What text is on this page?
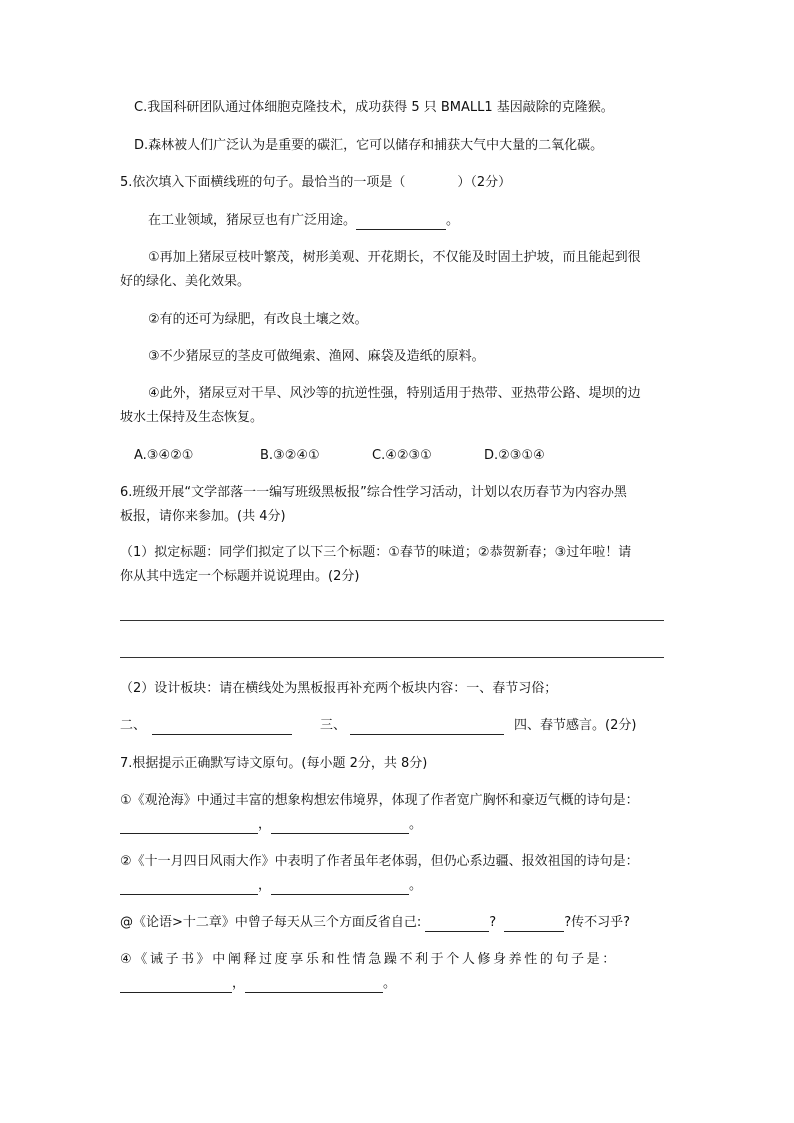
C.我国科研团队通过体细胞克隆技术，成功获得 5 只 BMALL1 基因敲除的克隆猴。
D.森林被人们广泛认为是重要的碳汇，它可以储存和捕获大气中大量的二氧化碳。
5.依次填入下面横线班的句子。最恰当的一项是（	）（2分）
在工业领域，猪尿豆也有广泛用途。	。
①再加上猪尿豆枝叶繁茂，树形美观、开花期长，不仅能及时固土护坡，而且能起到很
好的绿化、美化效果。
②有的还可为绿肥，有改良土壤之效。
③不少猪尿豆的茎皮可做绳索、渔网、麻袋及造纸的原料。
④此外，猪尿豆对干旱、风沙等的抗逆性强，特别适用于热带、亚热带公路、堤坝的边
坡水土保持及生态恢复。
A.③④②①	B.③②④①	C.④②③①	D.②③①④
6.班级开展“文学部落一一编写班级黑板报”综合性学习活动，计划以农历春节为内容办黑
板报，请你来参加。(共 4分)
（1）拟定标题：同学们拟定了以下三个标题：①春节的味道；②恭贺新春；③过年啦！请
你从其中选定一个标题并说说理由。(2分)
（2）设计板块：请在横线处为黑板报再补充两个板块内容：一、春节习俗；
二、	三、	四、春节感言。(2分)
7.根据提示正确默写诗文原句。(每小题 2分，共 8分)
①《观沧海》中通过丰富的想象构想宏伟境界，体现了作者宽广胸怀和豪迈气概的诗句是：
，	。
②《十一月四日风雨大作》中表明了作者虽年老体弱，但仍心系边疆、报效祖国的诗句是：
，	。
@《论语>十二章》中曾子每天从三个方面反省自己:	?	?传不习乎?
④《诫子书》中阐释过度享乐和性情急躁不利于个人修身养性的句子是：
，	。
